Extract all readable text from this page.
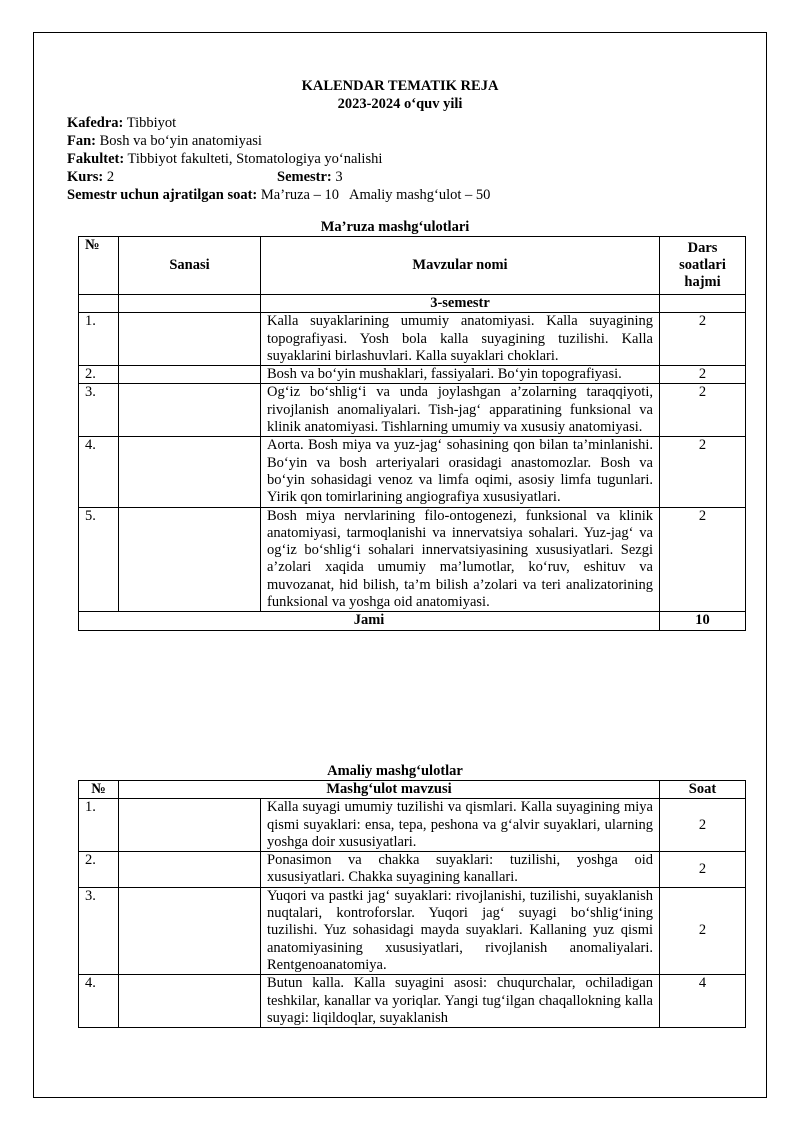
KALENDAR TEMATIK REJA
2023-2024 o‘quv yili
Kafedra: Tibbiyot
Fan: Bosh va bo‘yin anatomiyasi
Fakultet: Tibbiyot fakulteti, Stomatologiya yo‘nalishi
Kurs: 2	Semestr: 3
Semestr uchun ajratilgan soat: Ma’ruza – 10   Amaliy mashg‘ulot – 50
Ma’ruza mashg‘ulotlari
№	Sanasi	Mavzular nomi	Dars soatlari hajmi
		3-semestr	
1.		Kalla suyaklarining umumiy anatomiyasi. Kalla suyagining topografiyasi. Yosh bola kalla suyagining tuzilishi. Kalla suyaklarini birlashuvlari. Kalla suyaklari choklari.	2
2.		Bosh va bo‘yin mushaklari, fassiyalari. Bo‘yin topografiyasi.	2
3.		Og‘iz bo‘shlig‘i va unda joylashgan a’zolarning taraqqiyoti, rivojlanish anomaliyalari. Tish-jag‘ apparatining funksional va klinik anatomiyasi. Tishlarning umumiy va xususiy anatomiyasi.	2
4.		Aorta. Bosh miya va yuz-jag‘ sohasining qon bilan ta’minlanishi. Bo‘yin va bosh arteriyalari orasidagi anastomozlar. Bosh va bo‘yin sohasidagi venoz va limfa oqimi, asosiy limfa tugunlari. Yirik qon tomirlarining angiografiya xususiyatlari.	2
5.		Bosh miya nervlarining filo-ontogenezi, funksional va klinik anatomiyasi, tarmoqlanishi va innervatsiya sohalari. Yuz-jag‘ va og‘iz bo‘shlig‘i sohalari innervatsiyasining xususiyatlari. Sezgi a’zolari xaqida umumiy ma’lumotlar, ko‘ruv, eshituv va muvozanat, hid bilish, ta’m bilish a’zolari va teri analizatorining funksional va yoshga oid anatomiyasi.	2
Jami			10
Amaliy mashg‘ulotlar
№	Mashg‘ulot mavzusi		Soat
1.		Kalla suyagi umumiy tuzilishi va qismlari. Kalla suyagining miya qismi suyaklari: ensa, tepa, peshona va g‘alvir suyaklari, ularning yoshga doir xususiyatlari.	2
2.		Ponasimon va chakka suyaklari: tuzilishi, yoshga oid xususiyatlari. Chakka suyagining kanallari.	2
3.		Yuqori va pastki jag‘ suyaklari: rivojlanishi, tuzilishi, suyaklanish nuqtalari, kontroforslar. Yuqori jag‘ suyagi bo‘shlig‘ining tuzilishi. Yuz sohasidagi mayda suyaklari. Kallaning yuz qismi anatomiyasining xususiyatlari, rivojlanish anomaliyalari. Rentgenoanatomiya.	2
4.		Butun kalla. Kalla suyagini asosi: chuqurchalar, ochiladigan teshkilar, kanallar va yoriqlar. Yangi tug‘ilgan chaqallokning kalla suyagi: liqildoqlar, suyaklanish	4
